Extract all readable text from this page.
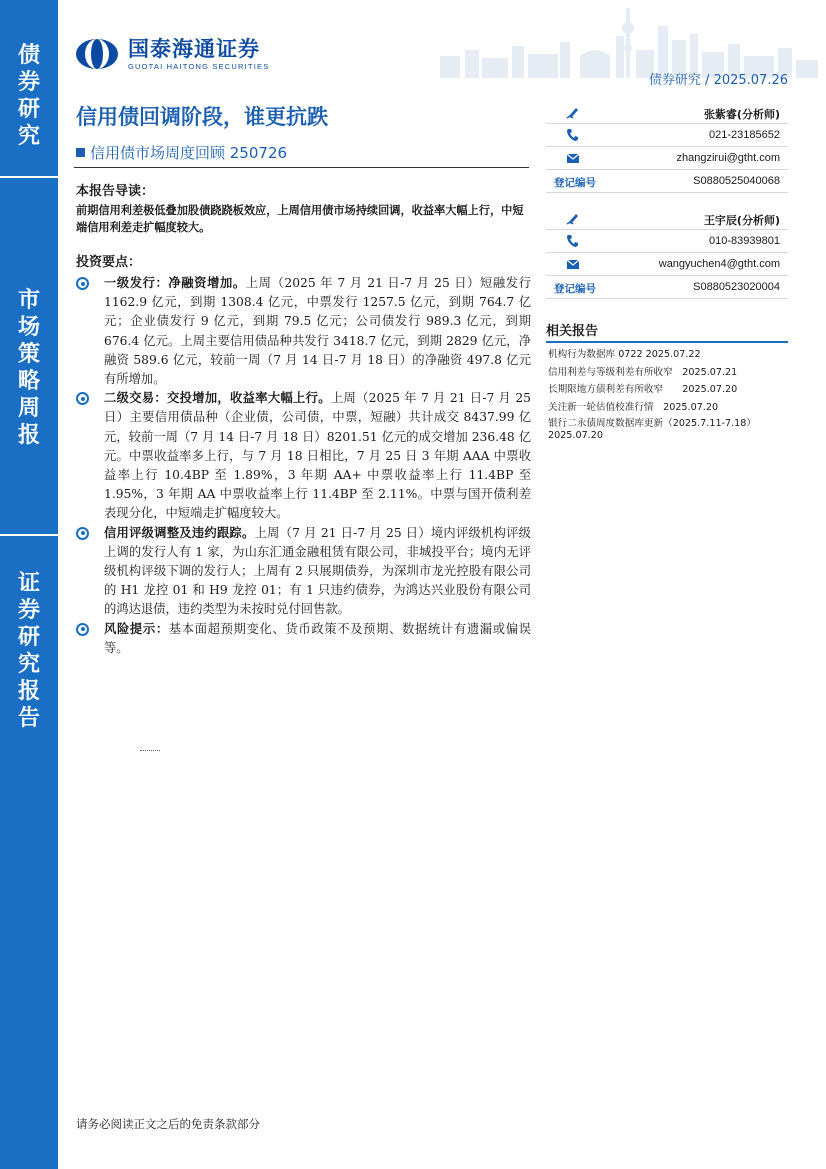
债
券
研
究
市
场
策
略
周
报
证
券
研
究
报
告
国泰海通证券
GUOTAI HAITONG SECURITIES
债券研究 / 2025.07.26
信用债回调阶段，谁更抗跌
信用债市场周度回顾 250726
本报告导读：
前期信用利差极低叠加股债跷跷板效应，上周信用债市场持续回调，收益率大幅上行，中短端信用利差走扩幅度较大。
投资要点：
一级发行：净融资增加。上周（2025 年 7 月 21 日-7 月 25 日）短融发行 1162.9 亿元，到期 1308.4 亿元，中票发行 1257.5 亿元，到期 764.7 亿元；企业债发行 9 亿元，到期 79.5 亿元；公司债发行 989.3 亿元，到期 676.4 亿元。上周主要信用债品种共发行 3418.7 亿元，到期 2829 亿元，净融资 589.6 亿元，较前一周（7 月 14 日-7 月 18 日）的净融资 497.8 亿元有所增加。
二级交易：交投增加，收益率大幅上行。上周（2025 年 7 月 21 日-7 月 25 日）主要信用债品种（企业债，公司债，中票，短融）共计成交 8437.99 亿元，较前一周（7 月 14 日-7 月 18 日）8201.51 亿元的成交增加 236.48 亿元。中票收益率多上行，与 7 月 18 日相比，7 月 25 日 3 年期 AAA 中票收益率上行 10.4BP 至 1.89%，3 年期 AA+ 中票收益率上行 11.4BP 至 1.95%，3 年期 AA 中票收益率上行 11.4BP 至 2.11%。中票与国开债利差表现分化，中短端走扩幅度较大。
信用评级调整及违约跟踪。上周（7 月 21 日-7 月 25 日）境内评级机构评级上调的发行人有 1 家，为山东汇通金融租赁有限公司，非城投平台；境内无评级机构评级下调的发行人；上周有 2 只展期债券，为深圳市龙光控股有限公司的 H1 龙控 01 和 H9 龙控 01；有 1 只违约债券，为鸿达兴业股份有限公司的鸿达退债，违约类型为未按时兑付回售款。
风险提示：基本面超预期变化、货币政策不及预期、数据统计有遗漏或偏误等。
张紫睿(分析师)
021-23185652
zhangzirui@gtht.com
登记编号	S0880525040068
王宇辰(分析师)
010-83939801
wangyuchen4@gtht.com
登记编号	S0880523020004
相关报告
机构行为数据库 0722 2025.07.22
信用利差与等级利差有所收窄　2025.07.21
长期限地方债利差有所收窄　　2025.07.20
关注新一轮估值校准行情　2025.07.20
银行二永债周度数据库更新（2025.7.11-7.18）
2025.07.20
请务必阅读正文之后的免责条款部分
